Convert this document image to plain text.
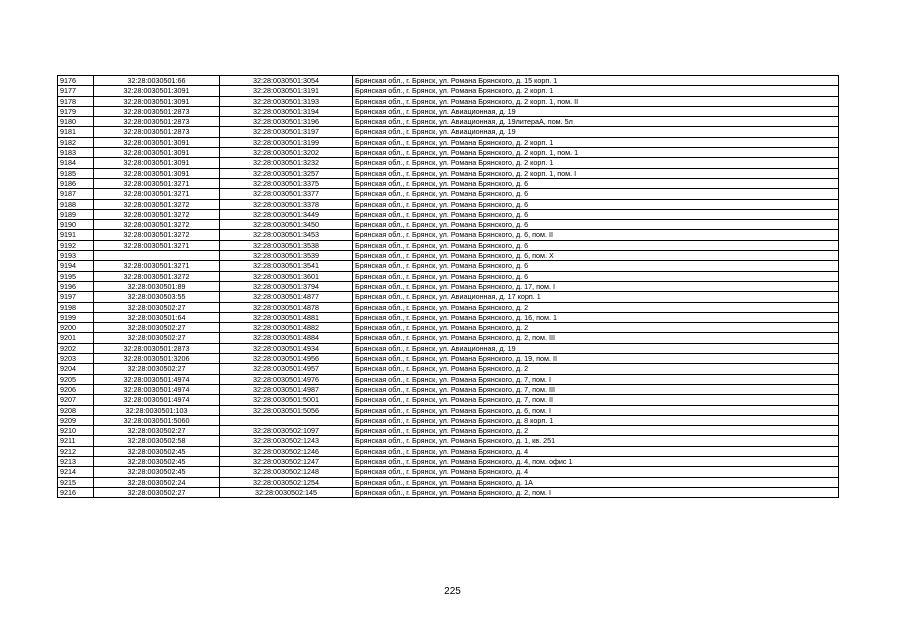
9176	32:28:0030501:66	32:28:0030501:3054	Брянская обл., г. Брянск, ул. Романа Брянского, д. 15 корп. 1
9177	32:28:0030501:3091	32:28:0030501:3191	Брянская обл., г. Брянск, ул. Романа Брянского, д. 2 корп. 1
9178	32:28:0030501:3091	32:28:0030501:3193	Брянская обл., г. Брянск, ул. Романа Брянского, д. 2 корп. 1, пом. II
9179	32:28:0030501:2873	32:28:0030501:3194	Брянская обл., г. Брянск, ул. Авиационная, д. 19
9180	32:28:0030501:2873	32:28:0030501:3196	Брянская обл., г. Брянск, ул. Авиационная, д. 19литераА, пом. 5л
9181	32:28:0030501:2873	32:28:0030501:3197	Брянская обл., г. Брянск, ул. Авиационная, д. 19
9182	32:28:0030501:3091	32:28:0030501:3199	Брянская обл., г. Брянск, ул. Романа Брянского, д. 2 корп. 1
9183	32:28:0030501:3091	32:28:0030501:3202	Брянская обл., г. Брянск, ул. Романа Брянского, д. 2 корп. 1, пом. 1
9184	32:28:0030501:3091	32:28:0030501:3232	Брянская обл., г. Брянск, ул. Романа Брянского, д. 2 корп. 1
9185	32:28:0030501:3091	32:28:0030501:3257	Брянская обл., г. Брянск, ул. Романа Брянского, д. 2 корп. 1, пом. I
9186	32:28:0030501:3271	32:28:0030501:3375	Брянская обл., г. Брянск, ул. Романа Брянского, д. 6
9187	32:28:0030501:3271	32:28:0030501:3377	Брянская обл., г. Брянск, ул. Романа Брянского, д. 6
9188	32:28:0030501:3272	32:28:0030501:3378	Брянская обл., г. Брянск, ул. Романа Брянского, д. 6
9189	32:28:0030501:3272	32:28:0030501:3449	Брянская обл., г. Брянск, ул. Романа Брянского, д. 6
9190	32:28:0030501:3272	32:28:0030501:3450	Брянская обл., г. Брянск, ул. Романа Брянского, д. 6
9191	32:28:0030501:3272	32:28:0030501:3453	Брянская обл., г. Брянск, ул. Романа Брянского, д. 6, пом. II
9192	32:28:0030501:3271	32:28:0030501:3538	Брянская обл., г. Брянск, ул. Романа Брянского, д. 6
9193		32:28:0030501:3539	Брянская обл., г. Брянск, ул. Романа Брянского, д. 6, пом. X
9194	32:28:0030501:3271	32:28:0030501:3541	Брянская обл., г. Брянск, ул. Романа Брянского, д. 6
9195	32:28:0030501:3272	32:28:0030501:3601	Брянская обл., г. Брянск, ул. Романа Брянского, д. 6
9196	32:28:0030501:89	32:28:0030501:3794	Брянская обл., г. Брянск, ул. Романа Брянского, д. 17, пом. I
9197	32:28:0030503:55	32:28:0030501:4877	Брянская обл., г. Брянск, ул. Авиационная, д. 17 корп. 1
9198	32:28:0030502:27	32:28:0030501:4878	Брянская обл., г. Брянск, ул. Романа Брянского, д. 2
9199	32:28:0030501:64	32:28:0030501:4881	Брянская обл., г. Брянск, ул. Романа Брянского, д. 16, пом. 1
9200	32:28:0030502:27	32:28:0030501:4882	Брянская обл., г. Брянск, ул. Романа Брянского, д. 2
9201	32:28:0030502:27	32:28:0030501:4884	Брянская обл., г. Брянск, ул. Романа Брянского, д. 2, пом. III
9202	32:28:0030501:2873	32:28:0030501:4934	Брянская обл., г. Брянск, ул. Авиационная, д. 19
9203	32:28:0030501:3206	32:28:0030501:4956	Брянская обл., г. Брянск, ул. Романа Брянского, д. 19, пом. II
9204	32:28:0030502:27	32:28:0030501:4957	Брянская обл., г. Брянск, ул. Романа Брянского, д. 2
9205	32:28:0030501:4974	32:28:0030501:4976	Брянская обл., г. Брянск, ул. Романа Брянского, д. 7, пом. I
9206	32:28:0030501:4974	32:28:0030501:4987	Брянская обл., г. Брянск, ул. Романа Брянского, д. 7, пом. III
9207	32:28:0030501:4974	32:28:0030501:5001	Брянская обл., г. Брянск, ул. Романа Брянского, д. 7, пом. II
9208	32:28:0030501:103	32:28:0030501:5056	Брянская обл., г. Брянск, ул. Романа Брянского, д. 6, пом. I
9209	32:28:0030501:5060		Брянская обл., г. Брянск, ул. Романа Брянского, д. 8 корп. 1
9210	32:28:0030502:27	32:28:0030502:1097	Брянская обл., г. Брянск, ул. Романа Брянского, д. 2
9211	32:28:0030502:58	32:28:0030502:1243	Брянская обл., г. Брянск, ул. Романа Брянского, д. 1, кв. 251
9212	32:28:0030502:45	32:28:0030502:1246	Брянская обл., г. Брянск, ул. Романа Брянского, д. 4
9213	32:28:0030502:45	32:28:0030502:1247	Брянская обл., г. Брянск, ул. Романа Брянского, д. 4, пом. офис 1
9214	32:28:0030502:45	32:28:0030502:1248	Брянская обл., г. Брянск, ул. Романа Брянского, д. 4
9215	32:28:0030502:24	32:28:0030502:1254	Брянская обл., г. Брянск, ул. Романа Брянского, д. 1А
9216	32:28:0030502:27	32:28:0030502:145	Брянская обл., г. Брянск, ул. Романа Брянского, д. 2, пом. I
225
